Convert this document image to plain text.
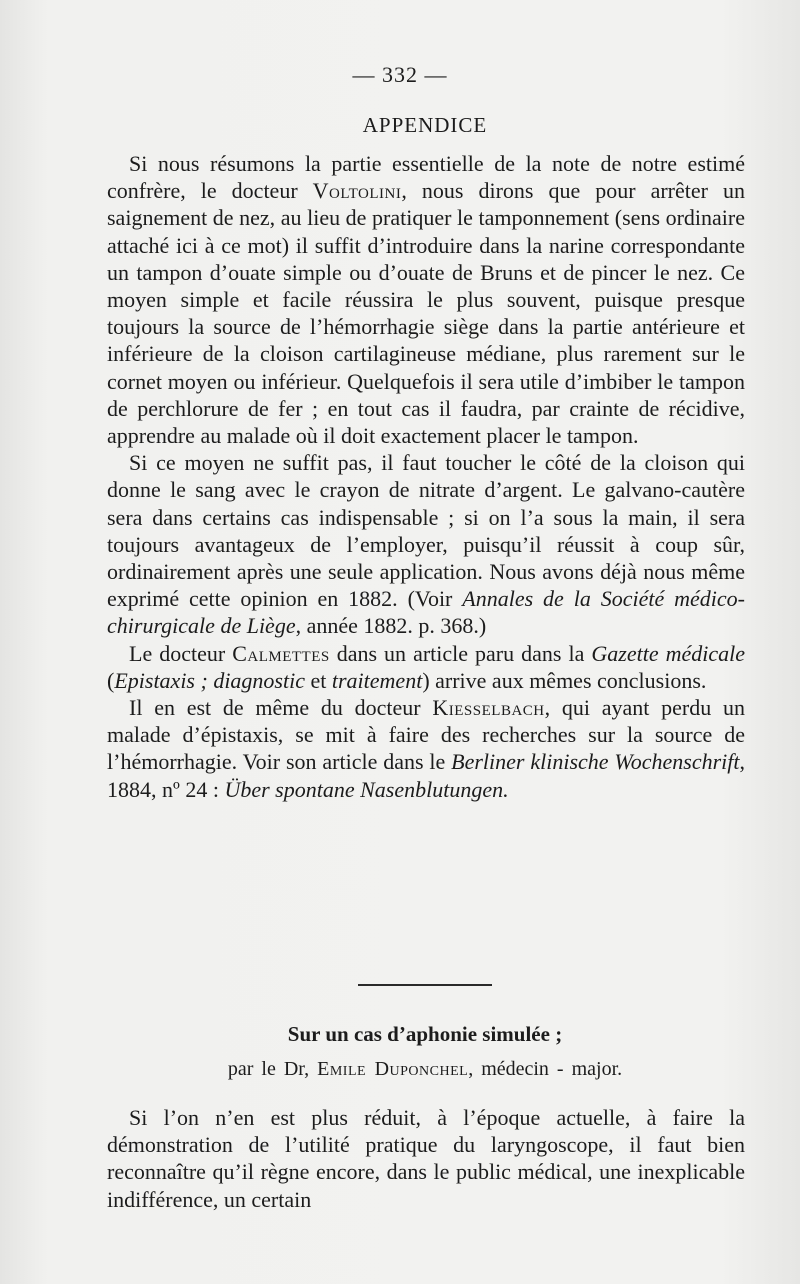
— 332 —
APPENDICE

Si nous résumons la partie essentielle de la note de notre estimé confrère, le docteur Voltolini, nous dirons que pour arrêter un saignement de nez, au lieu de pratiquer le tamponnement (sens ordinaire attaché ici à ce mot) il suffit d’introduire dans la narine correspondante un tampon d’ouate simple ou d’ouate de Bruns et de pincer le nez. Ce moyen simple et facile réussira le plus souvent, puisque presque toujours la source de l’hémorrhagie siège dans la partie antérieure et inférieure de la cloison cartilagineuse médiane, plus rarement sur le cornet moyen ou inférieur. Quelquefois il sera utile d’imbiber le tampon de perchlorure de fer ; en tout cas il faudra, par crainte de récidive, apprendre au malade où il doit exactement placer le tampon.

Si ce moyen ne suffit pas, il faut toucher le côté de la cloison qui donne le sang avec le crayon de nitrate d’argent. Le galvano-cautère sera dans certains cas indispensable ; si on l’a sous la main, il sera toujours avantageux de l’employer, puisqu’il réussit à coup sûr, ordinairement après une seule application. Nous avons déjà nous même exprimé cette opinion en 1882. (Voir Annales de la Société médico-chirurgicale de Liège, année 1882. p. 368.)

Le docteur Calmettes dans un article paru dans la Gazette médicale (Epistaxis ; diagnostic et traitement) arrive aux mêmes conclusions.

Il en est de même du docteur Kiesselbach, qui ayant perdu un malade d’épistaxis, se mit à faire des recherches sur la source de l’hémorrhagie. Voir son article dans le Berliner klinische Wochenschrift, 1884, nº 24 : Über spontane Nasenblutungen.

Sur un cas d’aphonie simulée ;
par le Dr, Emile Duponchel, médecin - major.

Si l’on n’en est plus réduit, à l’époque actuelle, à faire la démonstration de l’utilité pratique du laryngoscope, il faut bien reconnaître qu’il règne encore, dans le public médical, une inexplicable indifférence, un certain
